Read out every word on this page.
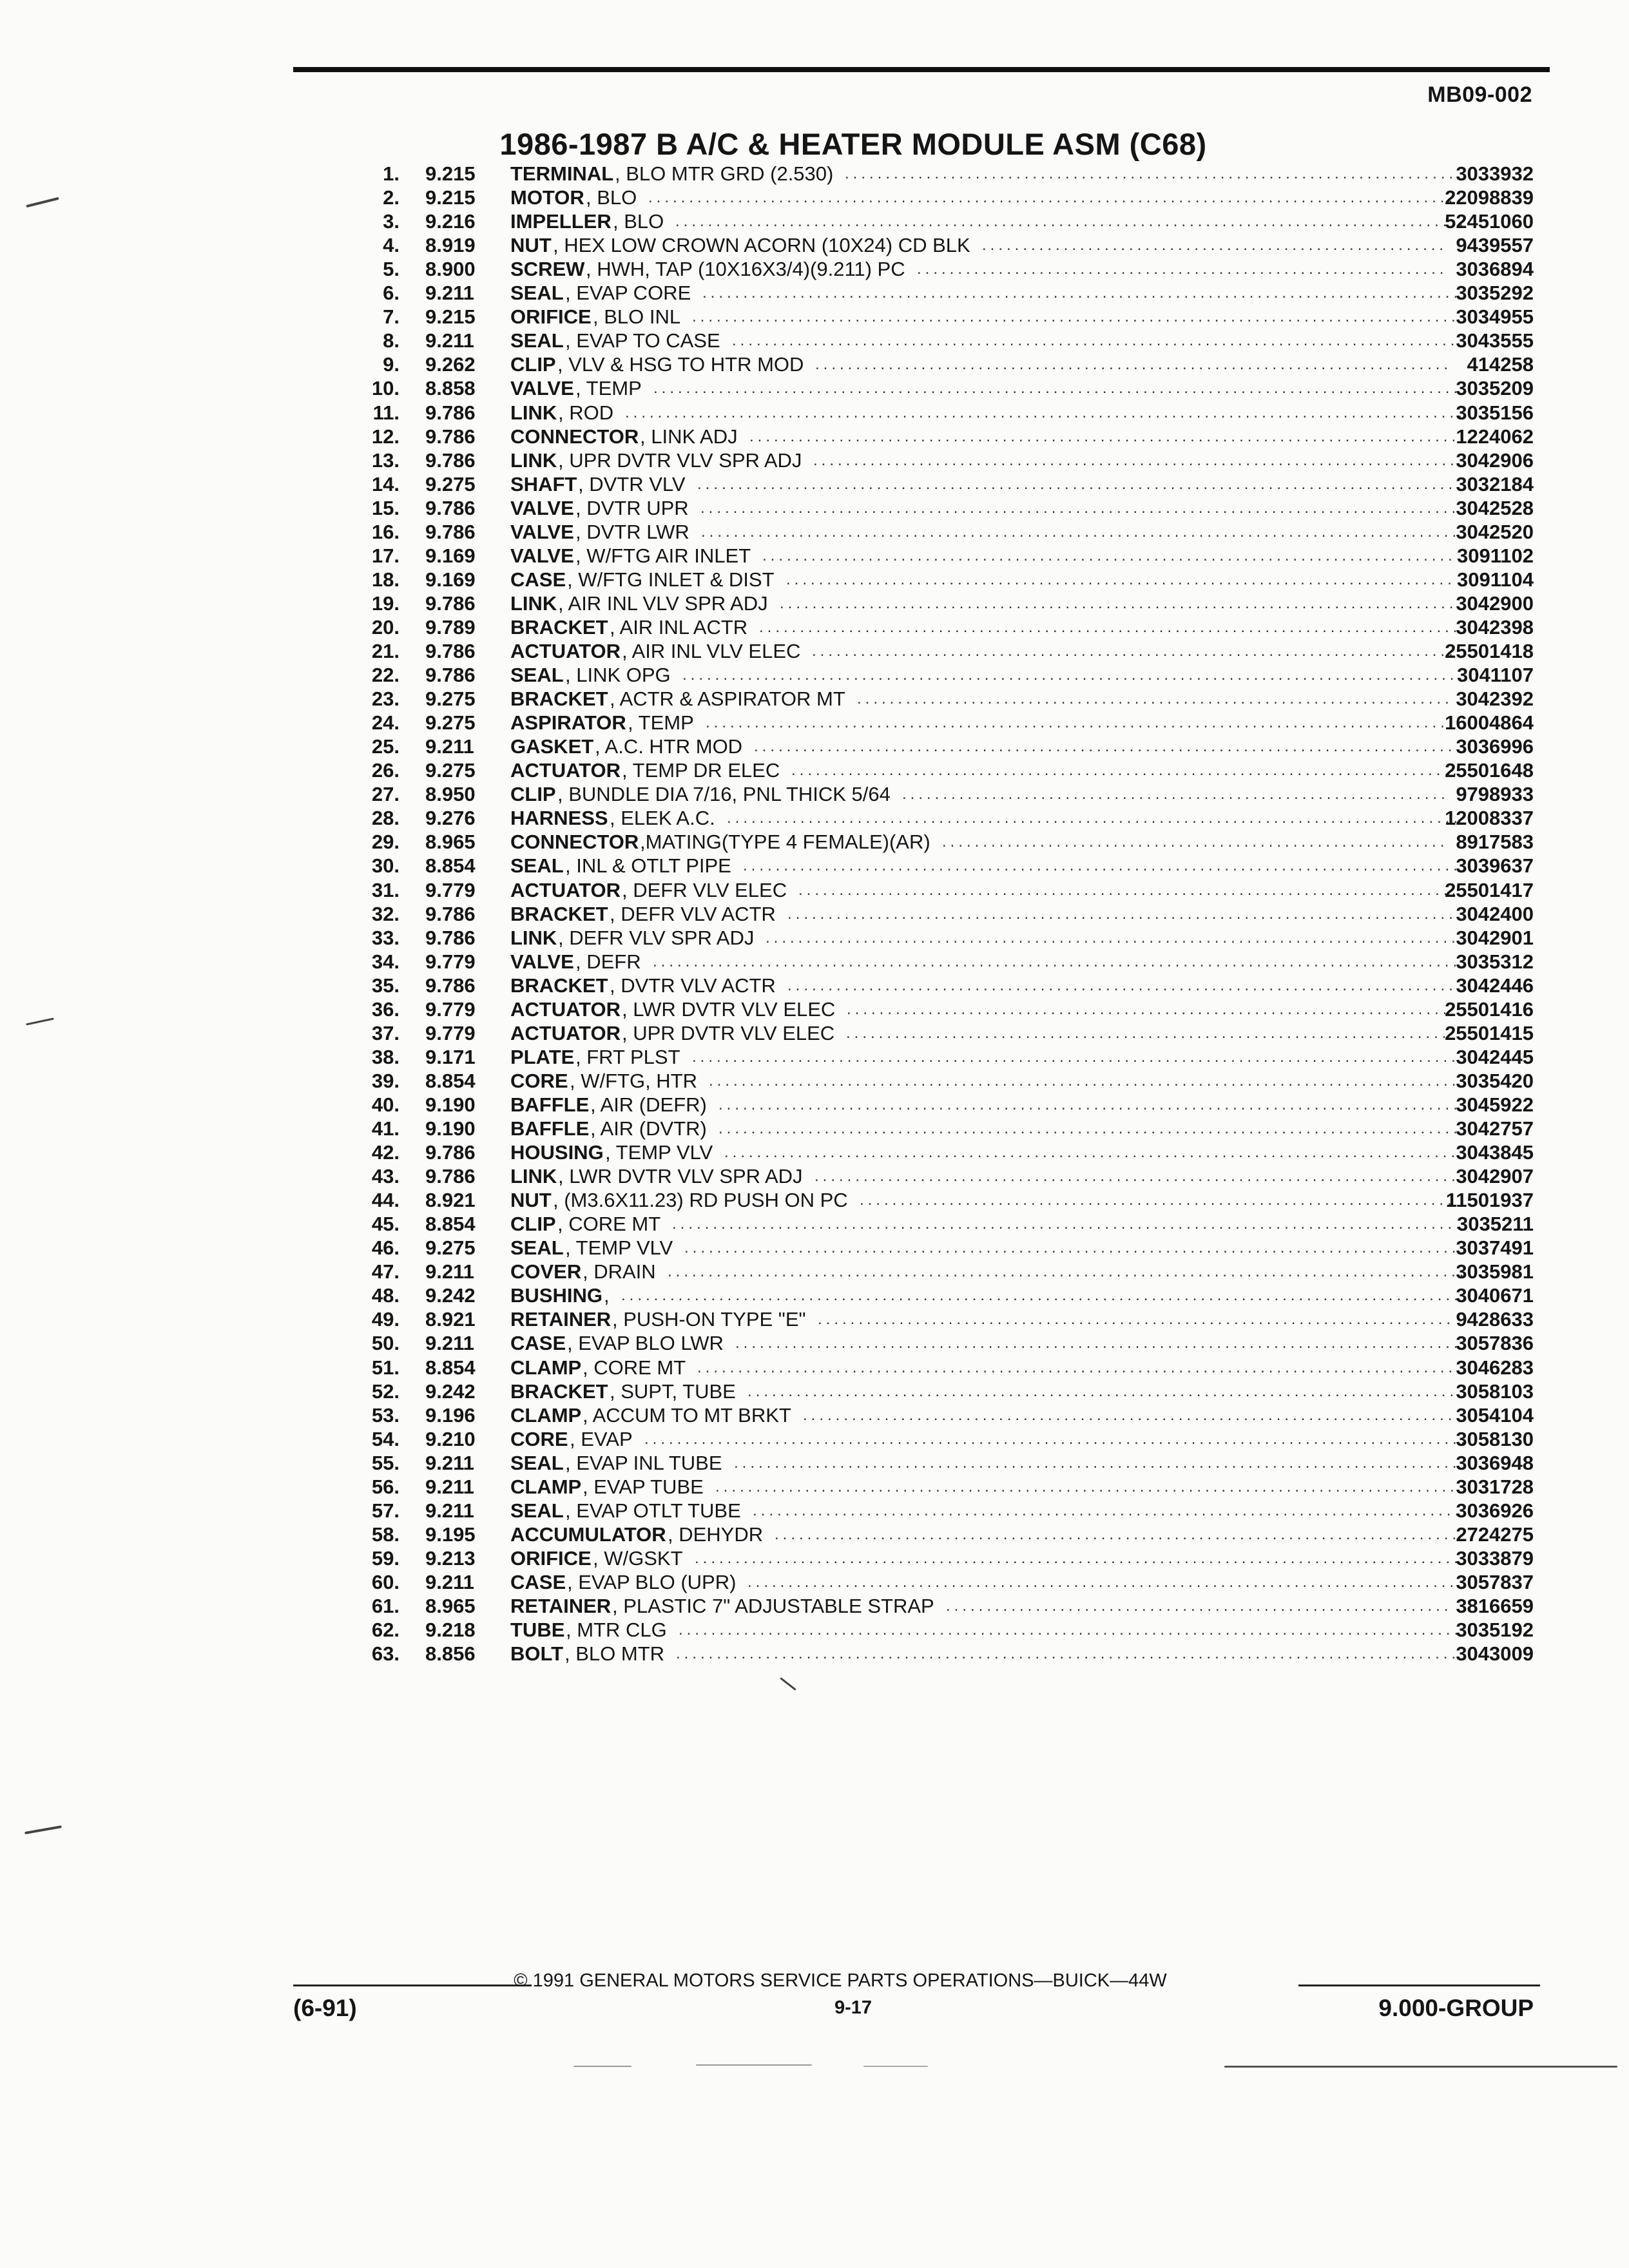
MB09-002
1986-1987 B A/C & HEATER MODULE ASM (C68)
1. 9.215 TERMINAL , BLO MTR GRD (2.530) ...........................................................................
3033932
2. 9.215 MOTOR , BLO ....................................................................................................
22098839
3. 9.216 IMPELLER , BLO .................................................................................................
52451060
4. 8.919 NUT , HEX LOW CROWN ACORN (10X24) CD BLK ......................................................... 9439557
5. 8.900 SCREW , HWH, TAP (10X16X3/4)(9.211) PC ................................................................. 3036894
6. 9.211 SEAL , EVAP CORE .............................................................................................
3035292
7. 9.215 ORIFICE , BLO INL ..............................................................................................
3034955
8. 9.211 SEAL , EVAP TO CASE .........................................................................................
3043555
9. 9.262 CLIP , VLV & HSG TO HTR MOD .............................................................................. 414258
10. 8.858 VALVE , TEMP ...................................................................................................
3035209
11. 9.786 LINK , ROD .......................................................................................................
3035156
12. 9.786 CONNECTOR , LINK ADJ .......................................................................................
1224062
13. 9.786 LINK , UPR DVTR VLV SPR ADJ ...............................................................................
3042906
14. 9.275 SHAFT , DVTR VLV ..............................................................................................
3032184
15. 9.786 VALVE , DVTR UPR .............................................................................................
3042528
16. 9.786 VALVE , DVTR LWR .............................................................................................
3042520
17. 9.169 VALVE , W/FTG AIR INLET ..................................................................................... 3091102
18. 9.169 CASE , W/FTG INLET & DIST .................................................................................. 3091104
19. 9.786 LINK , AIR INL VLV SPR ADJ ...................................................................................
3042900
20. 9.789 BRACKET , AIR INL ACTR ......................................................................................
3042398
21. 9.786 ACTUATOR , AIR INL VLV ELEC ...............................................................................
25501418
22. 9.786 SEAL , LINK OPG ................................................................................................
3041107
23. 9.275 BRACKET , ACTR & ASPIRATOR MT ......................................................................... 3042392
24. 9.275 ASPIRATOR , TEMP .............................................................................................
16004864
25. 9.211 GASKET , A.C. HTR MOD ...................................................................................... 3036996
26. 9.275 ACTUATOR , TEMP DR ELEC ..................................................................................
25501648
27. 8.950 CLIP , BUNDLE DIA 7/16, PNL THICK 5/64 ................................................................... 9798933
28. 9.276 HARNESS , ELEK A.C. ..........................................................................................
12008337
29. 8.965 CONNECTOR ,MATING(TYPE 4 FEMALE)(AR) .............................................................. 8917583
30. 8.854 SEAL , INL & OTLT PIPE ........................................................................................
3039637
31. 9.779 ACTUATOR , DEFR VLV ELEC .................................................................................
25501417
32. 9.786 BRACKET , DEFR VLV ACTR ..................................................................................
3042400
33. 9.786 LINK , DEFR VLV SPR ADJ .....................................................................................
3042901
34. 9.779 VALVE , DEFR ...................................................................................................
3035312
35. 9.786 BRACKET , DVTR VLV ACTR ..................................................................................
3042446
36. 9.779 ACTUATOR , LWR DVTR VLV ELEC ..........................................................................
25501416
37. 9.779 ACTUATOR , UPR DVTR VLV ELEC ..........................................................................
25501415
38. 9.171 PLATE , FRT PLST ..............................................................................................
3042445
39. 8.854 CORE , W/FTG, HTR ............................................................................................
3035420
40. 9.190 BAFFLE , AIR (DEFR) ...........................................................................................
3045922
41. 9.190 BAFFLE , AIR (DVTR) ...........................................................................................
3042757
42. 9.786 HOUSING , TEMP VLV ..........................................................................................
3043845
43. 9.786 LINK , LWR DVTR VLV SPR ADJ ...............................................................................
3042907
44. 8.921 NUT , (M3.6X11.23) RD PUSH ON PC .........................................................................
11501937
45. 8.854 CLIP , CORE MT .................................................................................................
3035211
46. 9.275 SEAL , TEMP VLV ...............................................................................................
3037491
47. 9.211 COVER , DRAIN ..................................................................................................
3035981
48. 9.242 BUSHING , ........................................................................................................
3040671
49. 8.921 RETAINER , PUSH-ON TYPE "E" .............................................................................. 9428633
50. 9.211 CASE , EVAP BLO LWR .........................................................................................
3057836
51. 8.854 CLAMP , CORE MT ..............................................................................................
3046283
52. 9.242 BRACKET , SUPT, TUBE .......................................................................................
3058103
53. 9.196 CLAMP , ACCUM TO MT BRKT ................................................................................ 3054104
54. 9.210 CORE , EVAP .....................................................................................................
3058130
55. 9.211 SEAL , EVAP INL TUBE .........................................................................................
3036948
56. 9.211 CLAMP , EVAP TUBE ...........................................................................................
3031728
57. 9.211 SEAL , EVAP OTLT TUBE .......................................................................................
3036926
58. 9.195 ACCUMULATOR , DEHYDR ....................................................................................
2724275
59. 9.213 ORIFICE , W/GSKT ..............................................................................................
3033879
60. 9.211 CASE , EVAP BLO (UPR) .......................................................................................
3057837
61. 8.965 RETAINER , PLASTIC 7" ADJUSTABLE STRAP .............................................................. 3816659
62. 9.218 TUBE , MTR CLG ................................................................................................
3035192
63. 8.856 BOLT , BLO MTR ................................................................................................
3043009
© 1991 GENERAL MOTORS SERVICE PARTS OPERATIONS—BUICK—44W
(6-91)	9-17	9.000-GROUP
